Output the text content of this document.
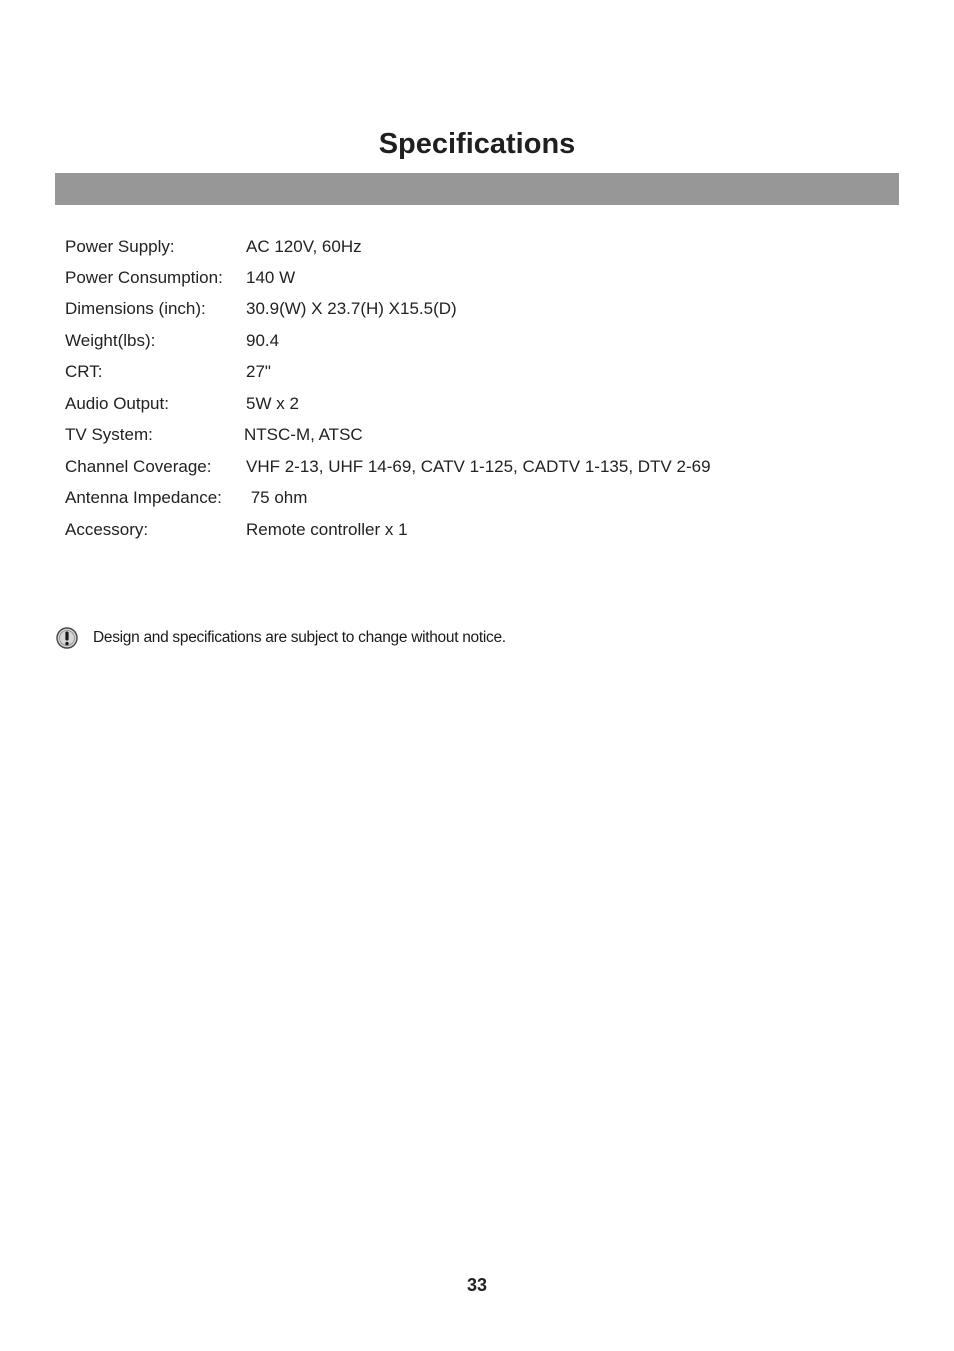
Specifications
Power Supply:	AC 120V, 60Hz
Power Consumption: 140 W
Dimensions (inch): 30.9(W) X 23.7(H) X15.5(D)
Weight(lbs):	90.4
CRT:	27"
Audio Output:	5W x 2
TV System:	NTSC-M, ATSC
Channel Coverage: VHF 2-13, UHF 14-69, CATV 1-125, CADTV 1-135, DTV 2-69
Antenna Impedance: 75 ohm
Accessory:	Remote controller x 1
Design and specifications are subject to change without notice.
33
